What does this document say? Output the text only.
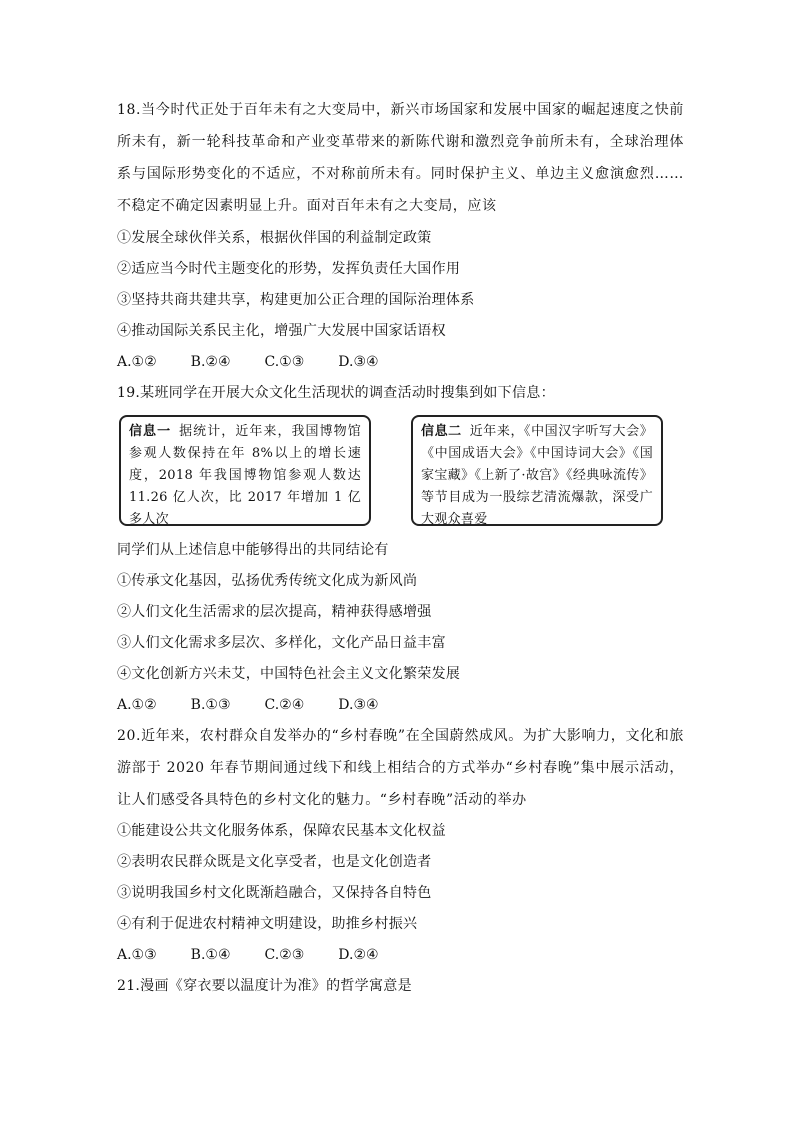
18.当今时代正处于百年未有之大变局中，新兴市场国家和发展中国家的崛起速度之快前所未有，新一轮科技革命和产业变革带来的新陈代谢和激烈竞争前所未有，全球治理体系与国际形势变化的不适应，不对称前所未有。同时保护主义、单边主义愈演愈烈……不稳定不确定因素明显上升。面对百年未有之大变局，应该
①发展全球伙伴关系，根据伙伴国的利益制定政策
②适应当今时代主题变化的形势，发挥负责任大国作用
③坚持共商共建共享，构建更加公正合理的国际治理体系
④推动国际关系民主化，增强广大发展中国家话语权
A.①② B.②④ C.①③ D.③④
19.某班同学在开展大众文化生活现状的调查活动时搜集到如下信息：
信息一 据统计，近年来，我国博物馆参观人数保持在年 8%以上的增长速度，2018 年我国博物馆参观人数达 11.26 亿人次，比 2017 年增加 1 亿多人次
信息二 近年来，《中国汉字听写大会》《中国成语大会》《中国诗词大会》《国家宝藏》《上新了·故宫》《经典咏流传》等节目成为一股综艺清流爆款，深受广大观众喜爱
同学们从上述信息中能够得出的共同结论有
①传承文化基因，弘扬优秀传统文化成为新风尚
②人们文化生活需求的层次提高，精神获得感增强
③人们文化需求多层次、多样化，文化产品日益丰富
④文化创新方兴未艾，中国特色社会主义文化繁荣发展
A.①② B.①③ C.②④ D.③④
20.近年来，农村群众自发举办的“乡村春晚”在全国蔚然成风。为扩大影响力，文化和旅游部于 2020 年春节期间通过线下和线上相结合的方式举办“乡村春晚”集中展示活动，让人们感受各具特色的乡村文化的魅力。“乡村春晚”活动的举办
①能建设公共文化服务体系，保障农民基本文化权益
②表明农民群众既是文化享受者，也是文化创造者
③说明我国乡村文化既渐趋融合，又保持各自特色
④有利于促进农村精神文明建设，助推乡村振兴
A.①③ B.①④ C.②③ D.②④
21.漫画《穿衣要以温度计为准》的哲学寓意是
